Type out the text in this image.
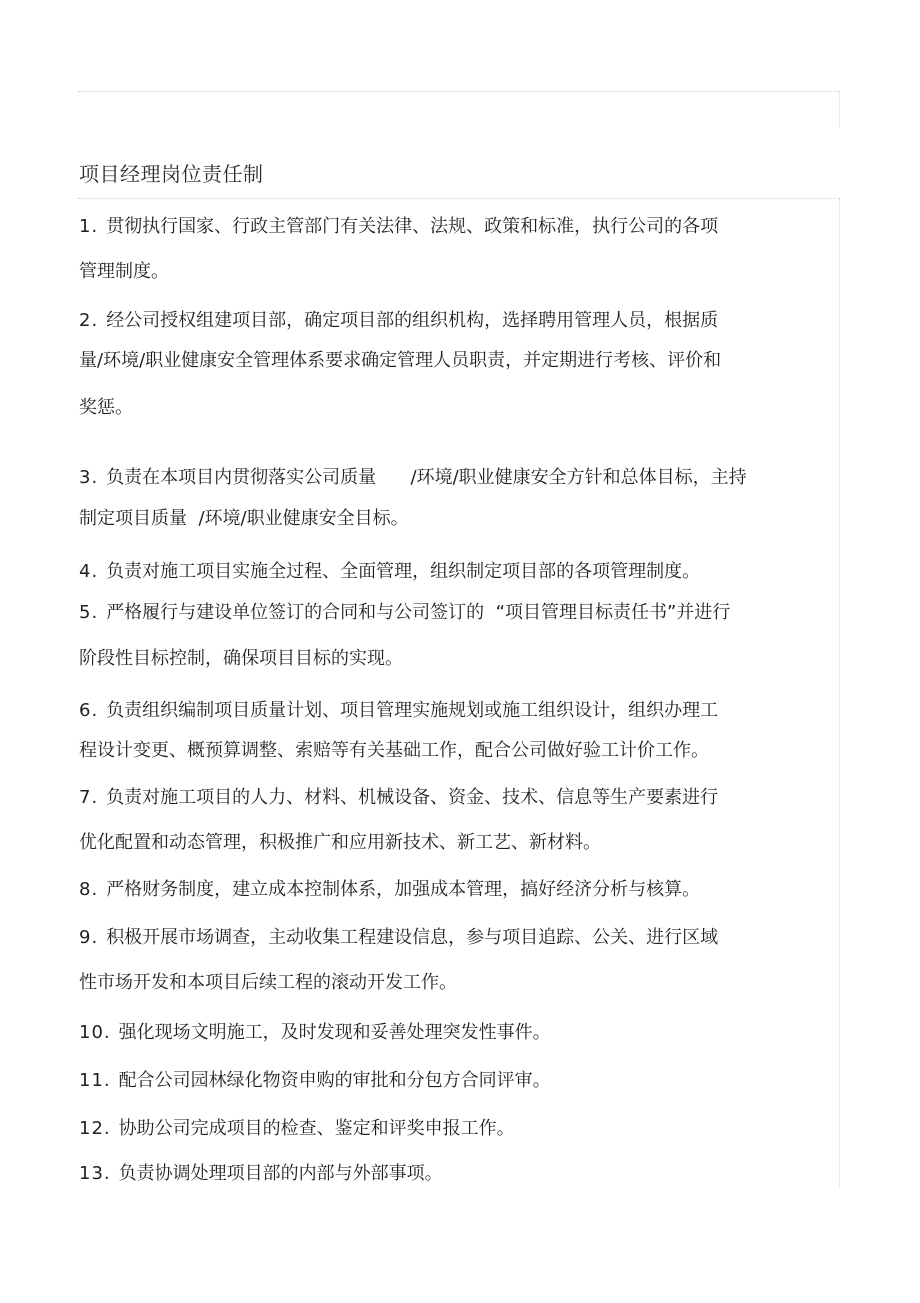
项目经理岗位责任制
1. 贯彻执行国家、行政主管部门有关法律、法规、政策和标准，执行公司的各项
管理制度。
2. 经公司授权组建项目部，确定项目部的组织机构，选择聘用管理人员，根据质
量/环境/职业健康安全管理体系要求确定管理人员职责，并定期进行考核、评价和
奖惩。
3. 负责在本项目内贯彻落实公司质量      /环境/职业健康安全方针和总体目标，主持
制定项目质量  /环境/职业健康安全目标。
4. 负责对施工项目实施全过程、全面管理，组织制定项目部的各项管理制度。
5. 严格履行与建设单位签订的合同和与公司签订的  “项目管理目标责任书”并进行
阶段性目标控制，确保项目目标的实现。
6. 负责组织编制项目质量计划、项目管理实施规划或施工组织设计，组织办理工
程设计变更、概预算调整、索赔等有关基础工作，配合公司做好验工计价工作。
7. 负责对施工项目的人力、材料、机械设备、资金、技术、信息等生产要素进行
优化配置和动态管理，积极推广和应用新技术、新工艺、新材料。
8. 严格财务制度，建立成本控制体系，加强成本管理，搞好经济分析与核算。
9. 积极开展市场调查，主动收集工程建设信息，参与项目追踪、公关、进行区域
性市场开发和本项目后续工程的滚动开发工作。
10. 强化现场文明施工，及时发现和妥善处理突发性事件。
11. 配合公司园林绿化物资申购的审批和分包方合同评审。
12. 协助公司完成项目的检查、鉴定和评奖申报工作。
13. 负责协调处理项目部的内部与外部事项。
